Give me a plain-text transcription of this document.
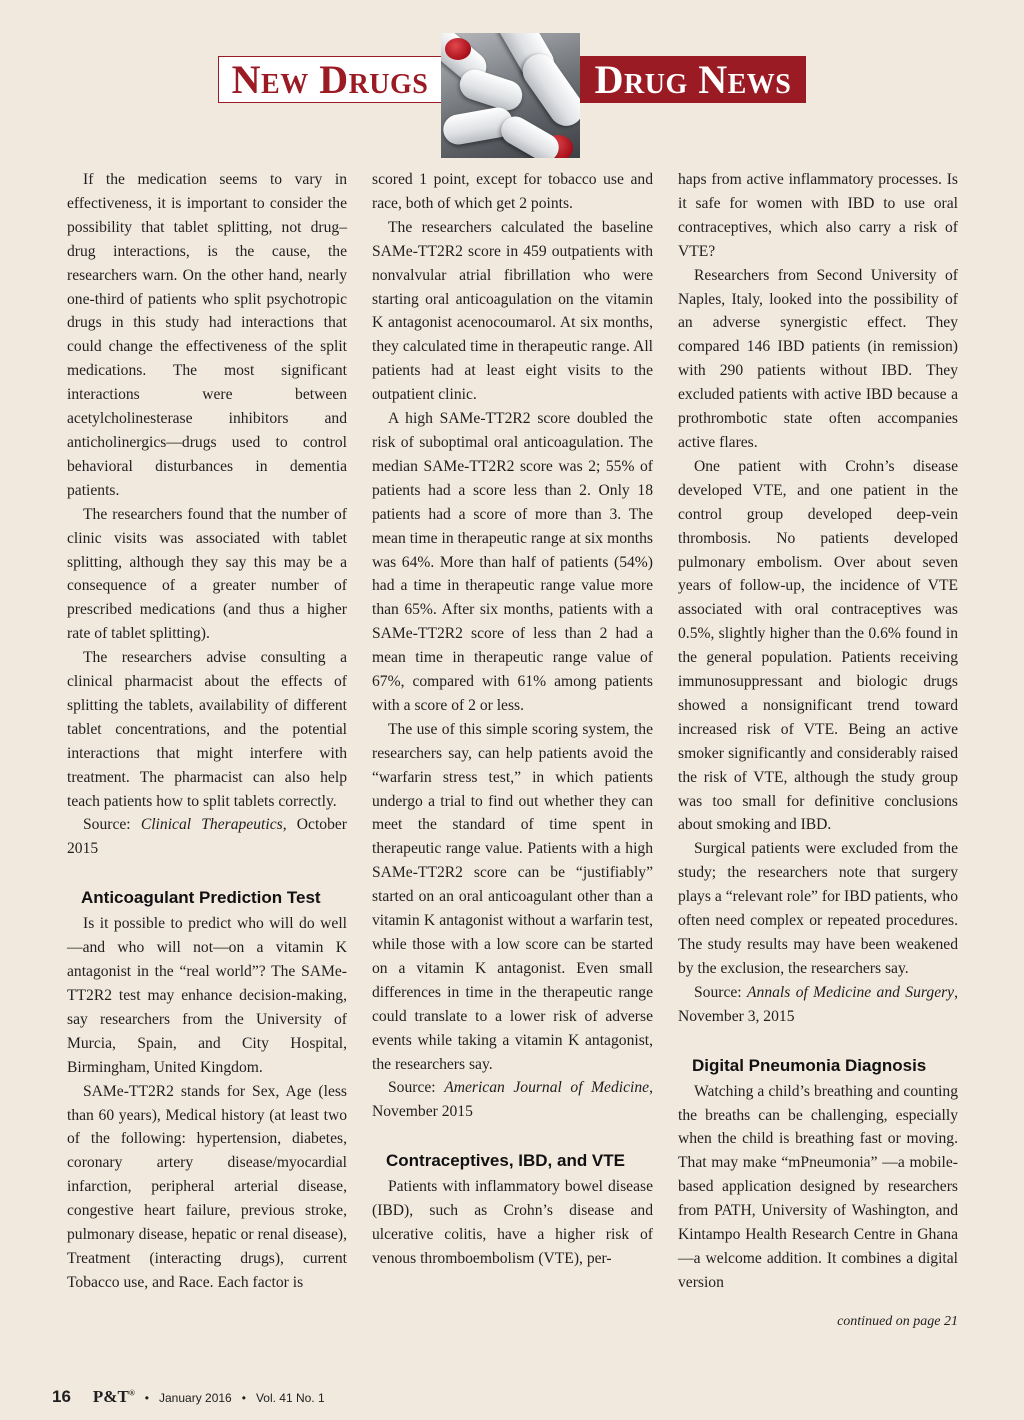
New Drugs	Drug News

If the medication seems to vary in effectiveness, it is important to consider the possibility that tablet splitting, not drug–drug interactions, is the cause, the researchers warn. On the other hand, nearly one-third of patients who split psychotropic drugs in this study had interactions that could change the effectiveness of the split medications. The most significant interactions were between acetylcholinesterase inhibitors and anticholinergics—drugs used to control behavioral disturbances in dementia patients.

The researchers found that the number of clinic visits was associated with tablet splitting, although they say this may be a consequence of a greater number of prescribed medications (and thus a higher rate of tablet splitting).

The researchers advise consulting a clinical pharmacist about the effects of splitting the tablets, availability of different tablet concentrations, and the potential interactions that might interfere with treatment. The pharmacist can also help teach patients how to split tablets correctly.

Source: Clinical Therapeutics, October 2015

Anticoagulant Prediction Test

Is it possible to predict who will do well—and who will not—on a vitamin K antagonist in the “real world”? The SAMe-TT2R2 test may enhance decision-making, say researchers from the University of Murcia, Spain, and City Hospital, Birmingham, United Kingdom.

SAMe-TT2R2 stands for Sex, Age (less than 60 years), Medical history (at least two of the following: hypertension, diabetes, coronary artery disease/myocardial infarction, peripheral arterial disease, congestive heart failure, previous stroke, pulmonary disease, hepatic or renal disease), Treatment (interacting drugs), current Tobacco use, and Race. Each factor is

scored 1 point, except for tobacco use and race, both of which get 2 points.

The researchers calculated the baseline SAMe-TT2R2 score in 459 outpatients with nonvalvular atrial fibrillation who were starting oral anticoagulation on the vitamin K antagonist acenocoumarol. At six months, they calculated time in therapeutic range. All patients had at least eight visits to the outpatient clinic.

A high SAMe-TT2R2 score doubled the risk of suboptimal oral anticoagulation. The median SAMe-TT2R2 score was 2; 55% of patients had a score less than 2. Only 18 patients had a score of more than 3. The mean time in therapeutic range at six months was 64%. More than half of patients (54%) had a time in therapeutic range value more than 65%. After six months, patients with a SAMe-TT2R2 score of less than 2 had a mean time in therapeutic range value of 67%, compared with 61% among patients with a score of 2 or less.

The use of this simple scoring system, the researchers say, can help patients avoid the “warfarin stress test,” in which patients undergo a trial to find out whether they can meet the standard of time spent in therapeutic range value. Patients with a high SAMe-TT2R2 score can be “justifiably” started on an oral anticoagulant other than a vitamin K antagonist without a warfarin test, while those with a low score can be started on a vitamin K antagonist. Even small differences in time in the therapeutic range could translate to a lower risk of adverse events while taking a vitamin K antagonist, the researchers say.

Source: American Journal of Medicine, November 2015

Contraceptives, IBD, and VTE

Patients with inflammatory bowel disease (IBD), such as Crohn’s disease and ulcerative colitis, have a higher risk of venous thromboembolism (VTE), per-

haps from active inflammatory processes. Is it safe for women with IBD to use oral contraceptives, which also carry a risk of VTE?

Researchers from Second University of Naples, Italy, looked into the possibility of an adverse synergistic effect. They compared 146 IBD patients (in remission) with 290 patients without IBD. They excluded patients with active IBD because a prothrombotic state often accompanies active flares.

One patient with Crohn’s disease developed VTE, and one patient in the control group developed deep-vein thrombosis. No patients developed pulmonary embolism. Over about seven years of follow-up, the incidence of VTE associated with oral contraceptives was 0.5%, slightly higher than the 0.6% found in the general population. Patients receiving immunosuppressant and biologic drugs showed a nonsignificant trend toward increased risk of VTE. Being an active smoker significantly and considerably raised the risk of VTE, although the study group was too small for definitive conclusions about smoking and IBD.

Surgical patients were excluded from the study; the researchers note that surgery plays a “relevant role” for IBD patients, who often need complex or repeated procedures. The study results may have been weakened by the exclusion, the researchers say.

Source: Annals of Medicine and Surgery, November 3, 2015

Digital Pneumonia Diagnosis

Watching a child’s breathing and counting the breaths can be challenging, especially when the child is breathing fast or moving. That may make “mPneumonia” —a mobile-based application designed by researchers from PATH, University of Washington, and Kintampo Health Research Centre in Ghana—a welcome addition. It combines a digital version

continued on page 21
16 P&T® • January 2016 • Vol. 41 No. 1
